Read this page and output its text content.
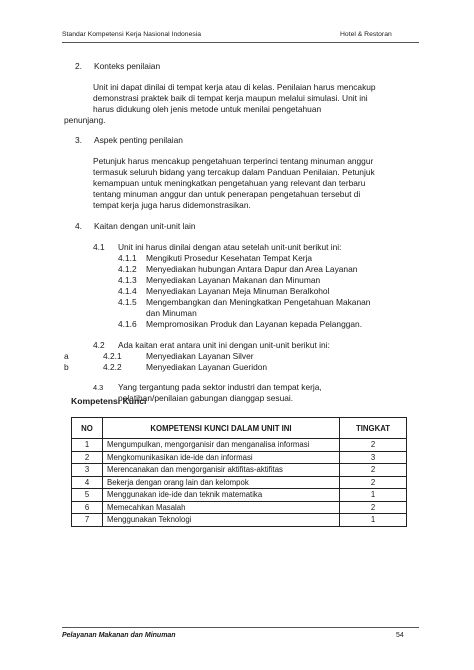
Standar Kompetensi Kerja Nasional Indonesia	Hotel & Restoran
2. Konteks penilaian
Unit ini dapat dinilai di tempat kerja atau di kelas. Penilaian harus mencakup
demonstrasi praktek baik di tempat kerja maupun melalui simulasi. Unit ini
harus didukung oleh jenis metode untuk menilai pengetahuan
penunjang.
3. Aspek penting penilaian
Petunjuk harus mencakup pengetahuan terperinci tentang minuman anggur
termasuk seluruh bidang yang tercakup dalam Panduan Penilaian. Petunjuk
kemampuan untuk meningkatkan pengetahuan yang relevant dan terbaru
tentang minuman anggur dan untuk penerapan pengetahuan tersebut di
tempat kerja juga harus didemonstrasikan.
4. Kaitan dengan unit-unit lain
4.1 Unit ini harus dinilai dengan atau setelah unit-unit berikut ini:
4.1.1 Mengikuti Prosedur Kesehatan Tempat Kerja
4.1.2 Menyediakan hubungan Antara Dapur dan Area Layanan
4.1.3 Menyediakan Layanan Makanan dan Minuman
4.1.4 Menyediakan Layanan Meja Minuman Beralkohol
4.1.5 Mengembangkan dan Meningkatkan Pengetahuan Makanan
dan Minuman
4.1.6 Mempromosikan Produk dan Layanan kepada Pelanggan.
4.2 Ada kaitan erat antara unit ini dengan unit-unit berikut ini:
a	4.2.1	Menyediakan Layanan Silver
b	4.2.2	Menyediakan Layanan Gueridon
4.3 Yang tergantung pada sektor industri dan tempat kerja,
pelatihan/penilaian gabungan dianggap sesuai.
Kompetensi Kunci
NO	KOMPETENSI KUNCI DALAM UNIT INI	TINGKAT
1	Mengumpulkan, mengorganisir dan menganalisa informasi	2
2	Mengkomunikasikan ide-ide dan informasi	3
3	Merencanakan dan mengorganisir aktifitas-aktifitas	2
4	Bekerja dengan orang lain dan kelompok	2
5	Menggunakan ide-ide dan teknik matematika	1
6	Memecahkan Masalah	2
7	Menggunakan Teknologi	1
Pelayanan Makanan dan Minuman	54
